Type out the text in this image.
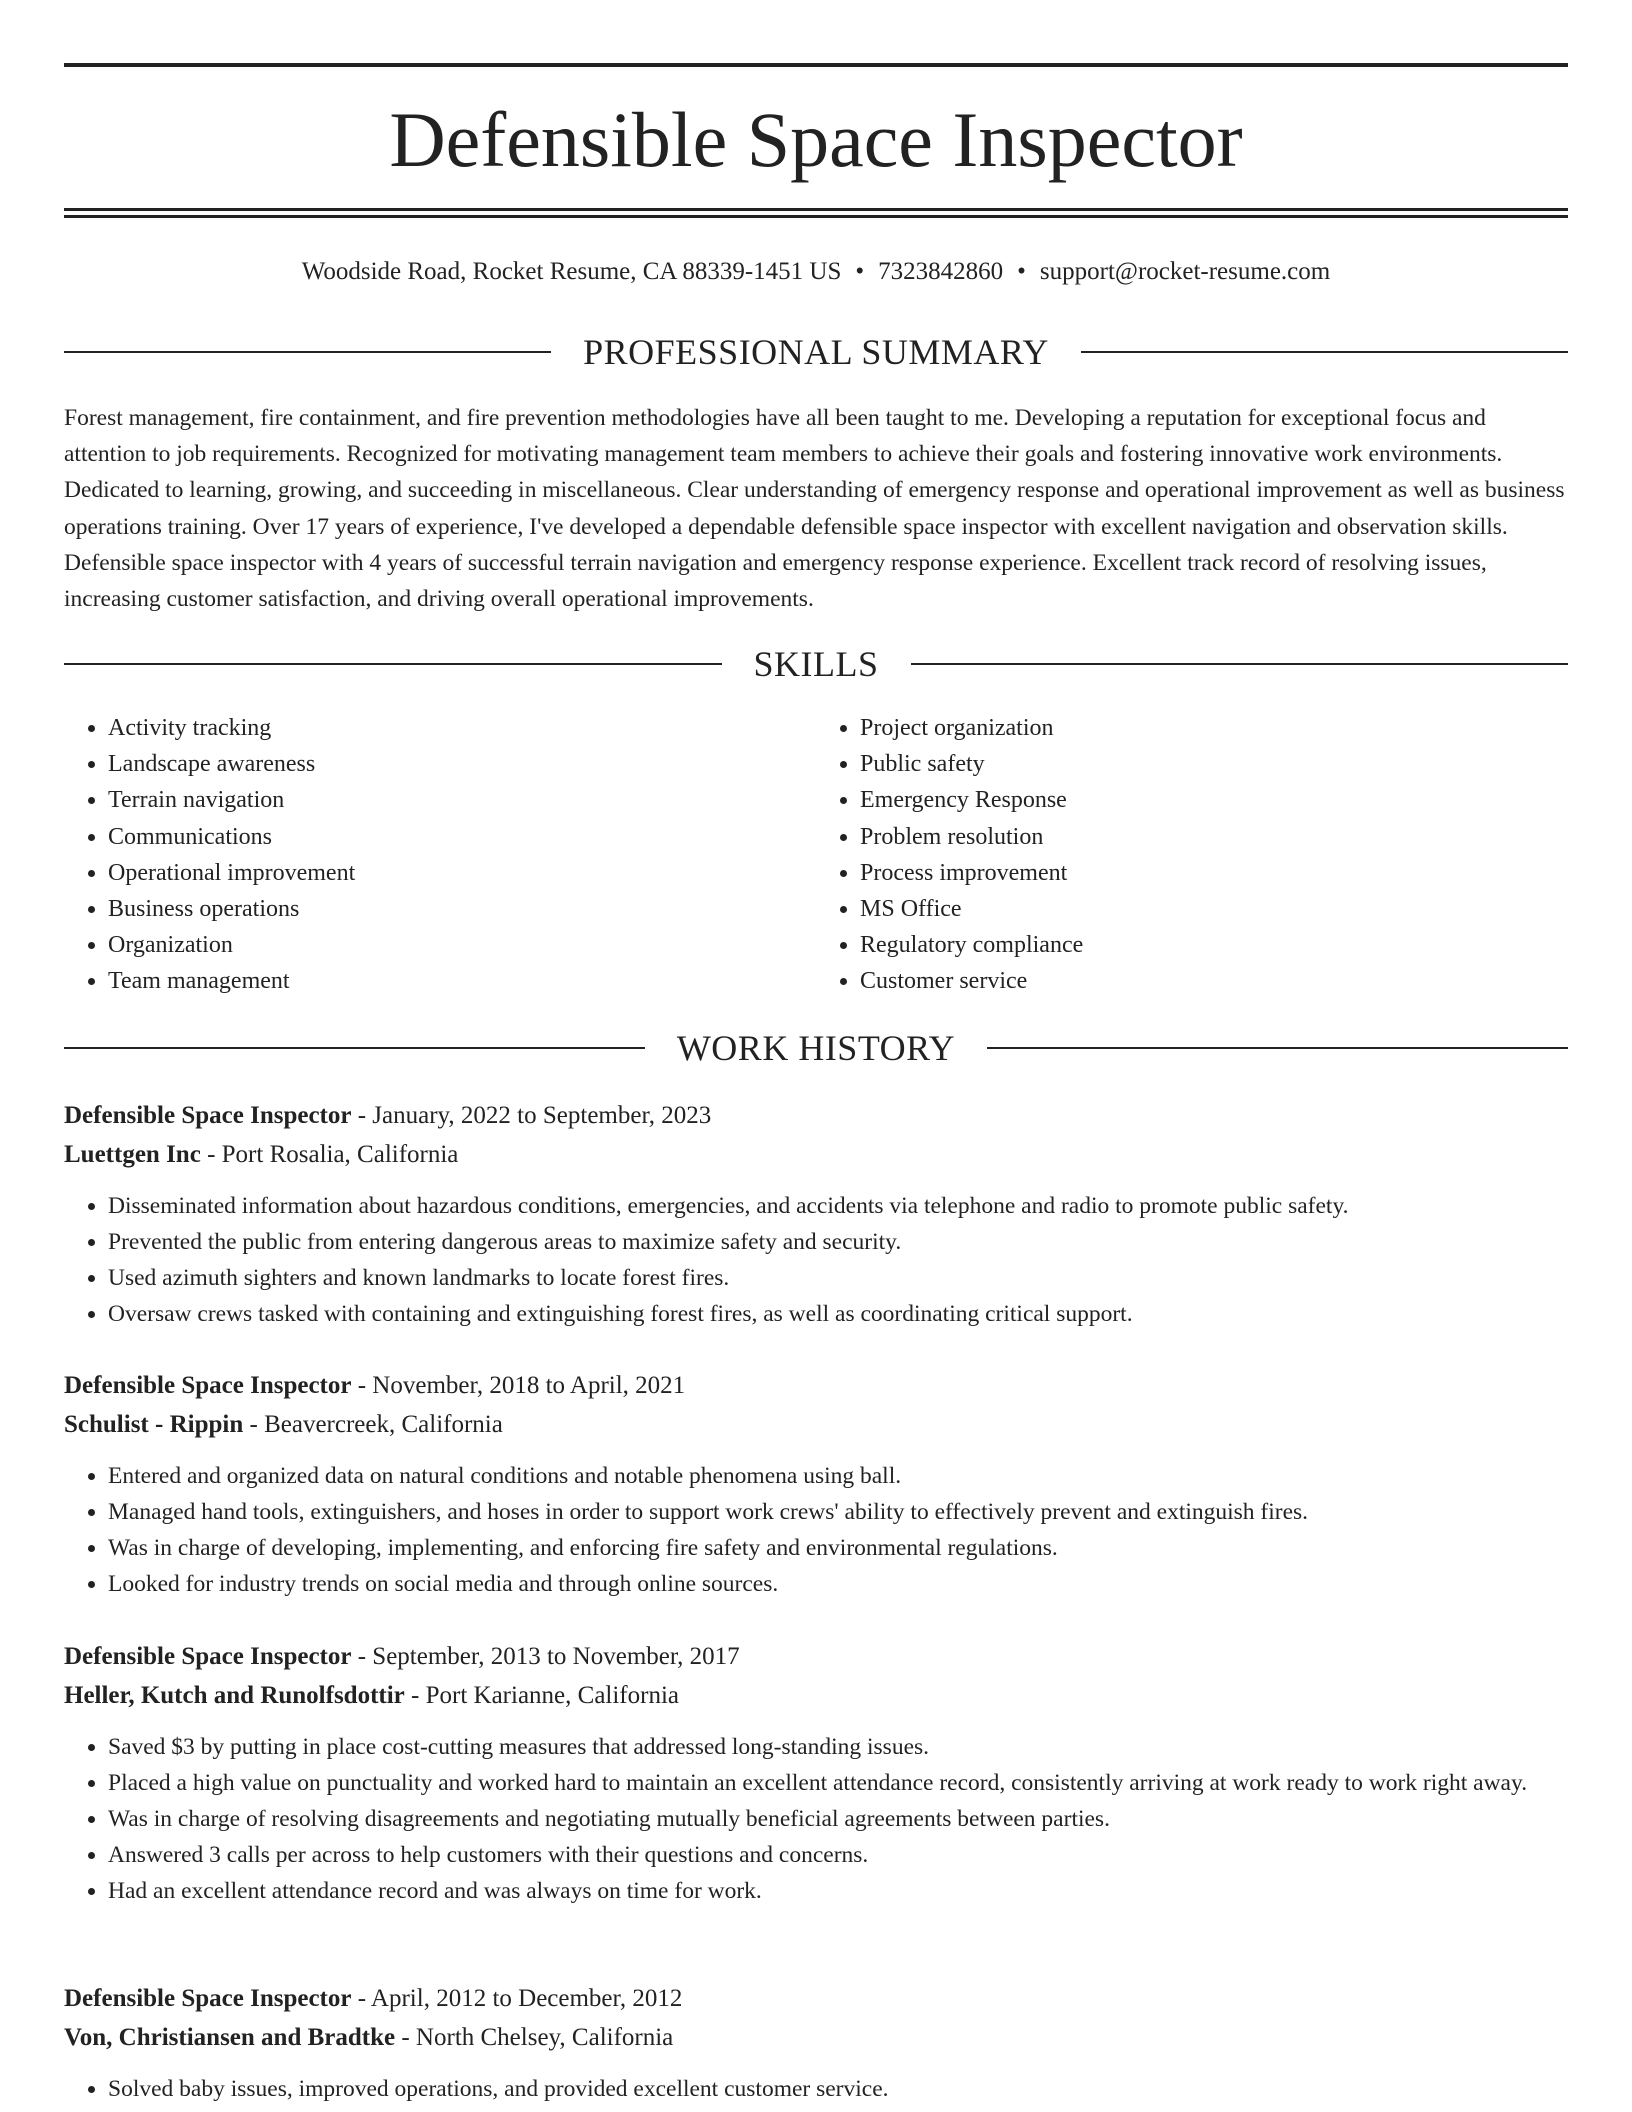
Defensible Space Inspector
Woodside Road, Rocket Resume, CA 88339-1451 US • 7323842860 • support@rocket-resume.com
PROFESSIONAL SUMMARY

Forest management, fire containment, and fire prevention methodologies have all been taught to me. Developing a reputation for exceptional focus and attention to job requirements. Recognized for motivating management team members to achieve their goals and fostering innovative work environments. Dedicated to learning, growing, and succeeding in miscellaneous. Clear understanding of emergency response and operational improvement as well as business operations training. Over 17 years of experience, I've developed a dependable defensible space inspector with excellent navigation and observation skills. Defensible space inspector with 4 years of successful terrain navigation and emergency response experience. Excellent track record of resolving issues, increasing customer satisfaction, and driving overall operational improvements.

SKILLS
• Activity tracking
• Landscape awareness
• Terrain navigation
• Communications
• Operational improvement
• Business operations
• Organization
• Team management
• Project organization
• Public safety
• Emergency Response
• Problem resolution
• Process improvement
• MS Office
• Regulatory compliance
• Customer service
WORK HISTORY

Defensible Space Inspector - January, 2022 to September, 2023

Luettgen Inc - Port Rosalia, California

• Disseminated information about hazardous conditions, emergencies, and accidents via telephone and radio to promote public safety.
• Prevented the public from entering dangerous areas to maximize safety and security.
• Used azimuth sighters and known landmarks to locate forest fires.
• Oversaw crews tasked with containing and extinguishing forest fires, as well as coordinating critical support.

Defensible Space Inspector - November, 2018 to April, 2021

Schulist - Rippin - Beavercreek, California

• Entered and organized data on natural conditions and notable phenomena using ball.
• Managed hand tools, extinguishers, and hoses in order to support work crews' ability to effectively prevent and extinguish fires.
• Was in charge of developing, implementing, and enforcing fire safety and environmental regulations.
• Looked for industry trends on social media and through online sources.

Defensible Space Inspector - September, 2013 to November, 2017

Heller, Kutch and Runolfsdottir - Port Karianne, California

• Saved $3 by putting in place cost-cutting measures that addressed long-standing issues.
• Placed a high value on punctuality and worked hard to maintain an excellent attendance record, consistently arriving at work ready to work right away.
• Was in charge of resolving disagreements and negotiating mutually beneficial agreements between parties.
• Answered 3 calls per across to help customers with their questions and concerns.
• Had an excellent attendance record and was always on time for work.

Defensible Space Inspector - April, 2012 to December, 2012

Von, Christiansen and Bradtke - North Chelsey, California

• Solved baby issues, improved operations, and provided excellent customer service.
